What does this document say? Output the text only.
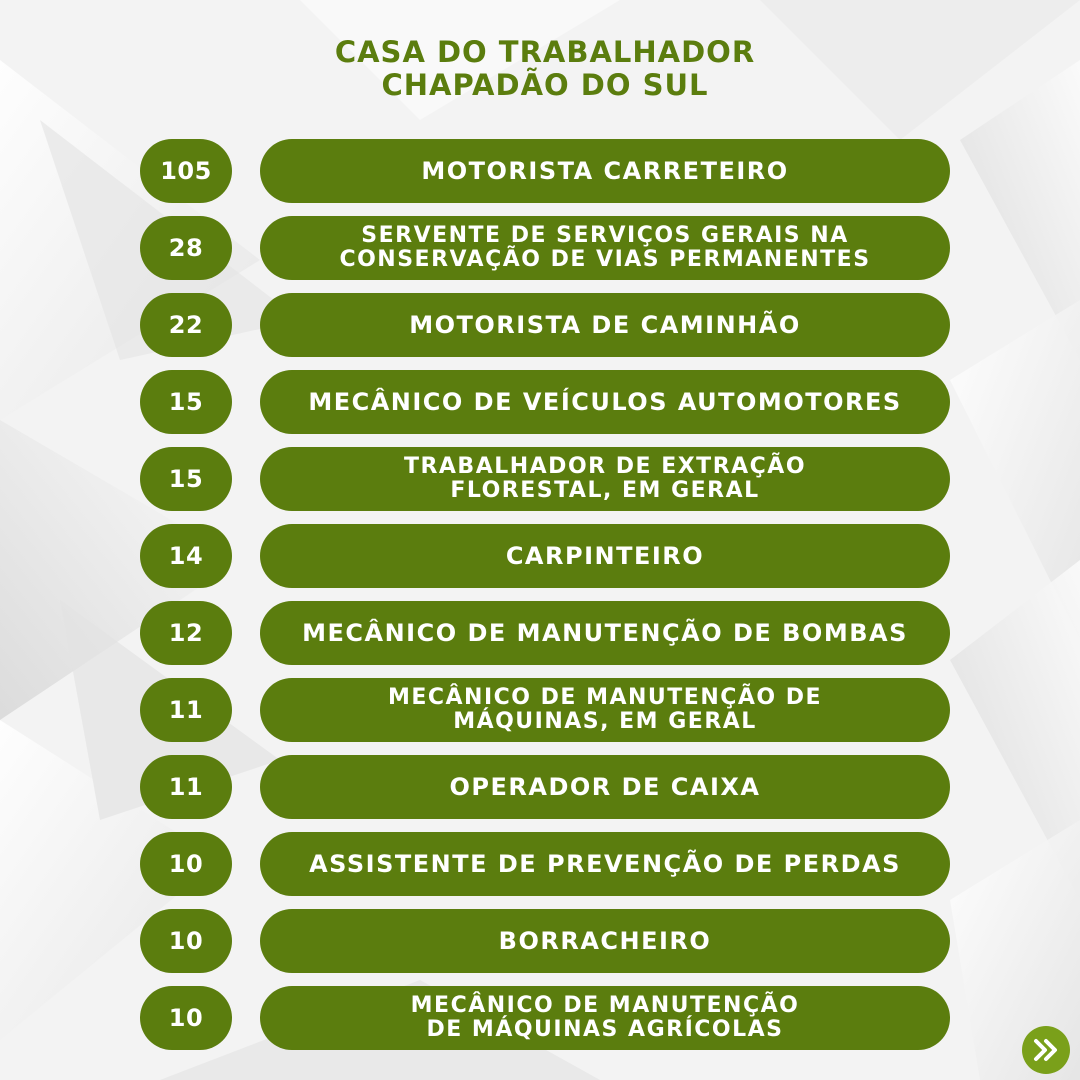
CASA DO TRABALHADOR
CHAPADÃO DO SUL
105	MOTORISTA CARRETEIRO
28	SERVENTE DE SERVIÇOS GERAIS NA
CONSERVAÇÃO DE VIAS PERMANENTES
22	MOTORISTA DE CAMINHÃO
15	MECÂNICO DE VEÍCULOS AUTOMOTORES
15	TRABALHADOR DE EXTRAÇÃO
FLORESTAL, EM GERAL
14	CARPINTEIRO
12	MECÂNICO DE MANUTENÇÃO DE BOMBAS
11	MECÂNICO DE MANUTENÇÃO DE
MÁQUINAS, EM GERAL
11	OPERADOR DE CAIXA
10	ASSISTENTE DE PREVENÇÃO DE PERDAS
10	BORRACHEIRO
10	MECÂNICO DE MANUTENÇÃO
DE MÁQUINAS AGRÍCOLAS
